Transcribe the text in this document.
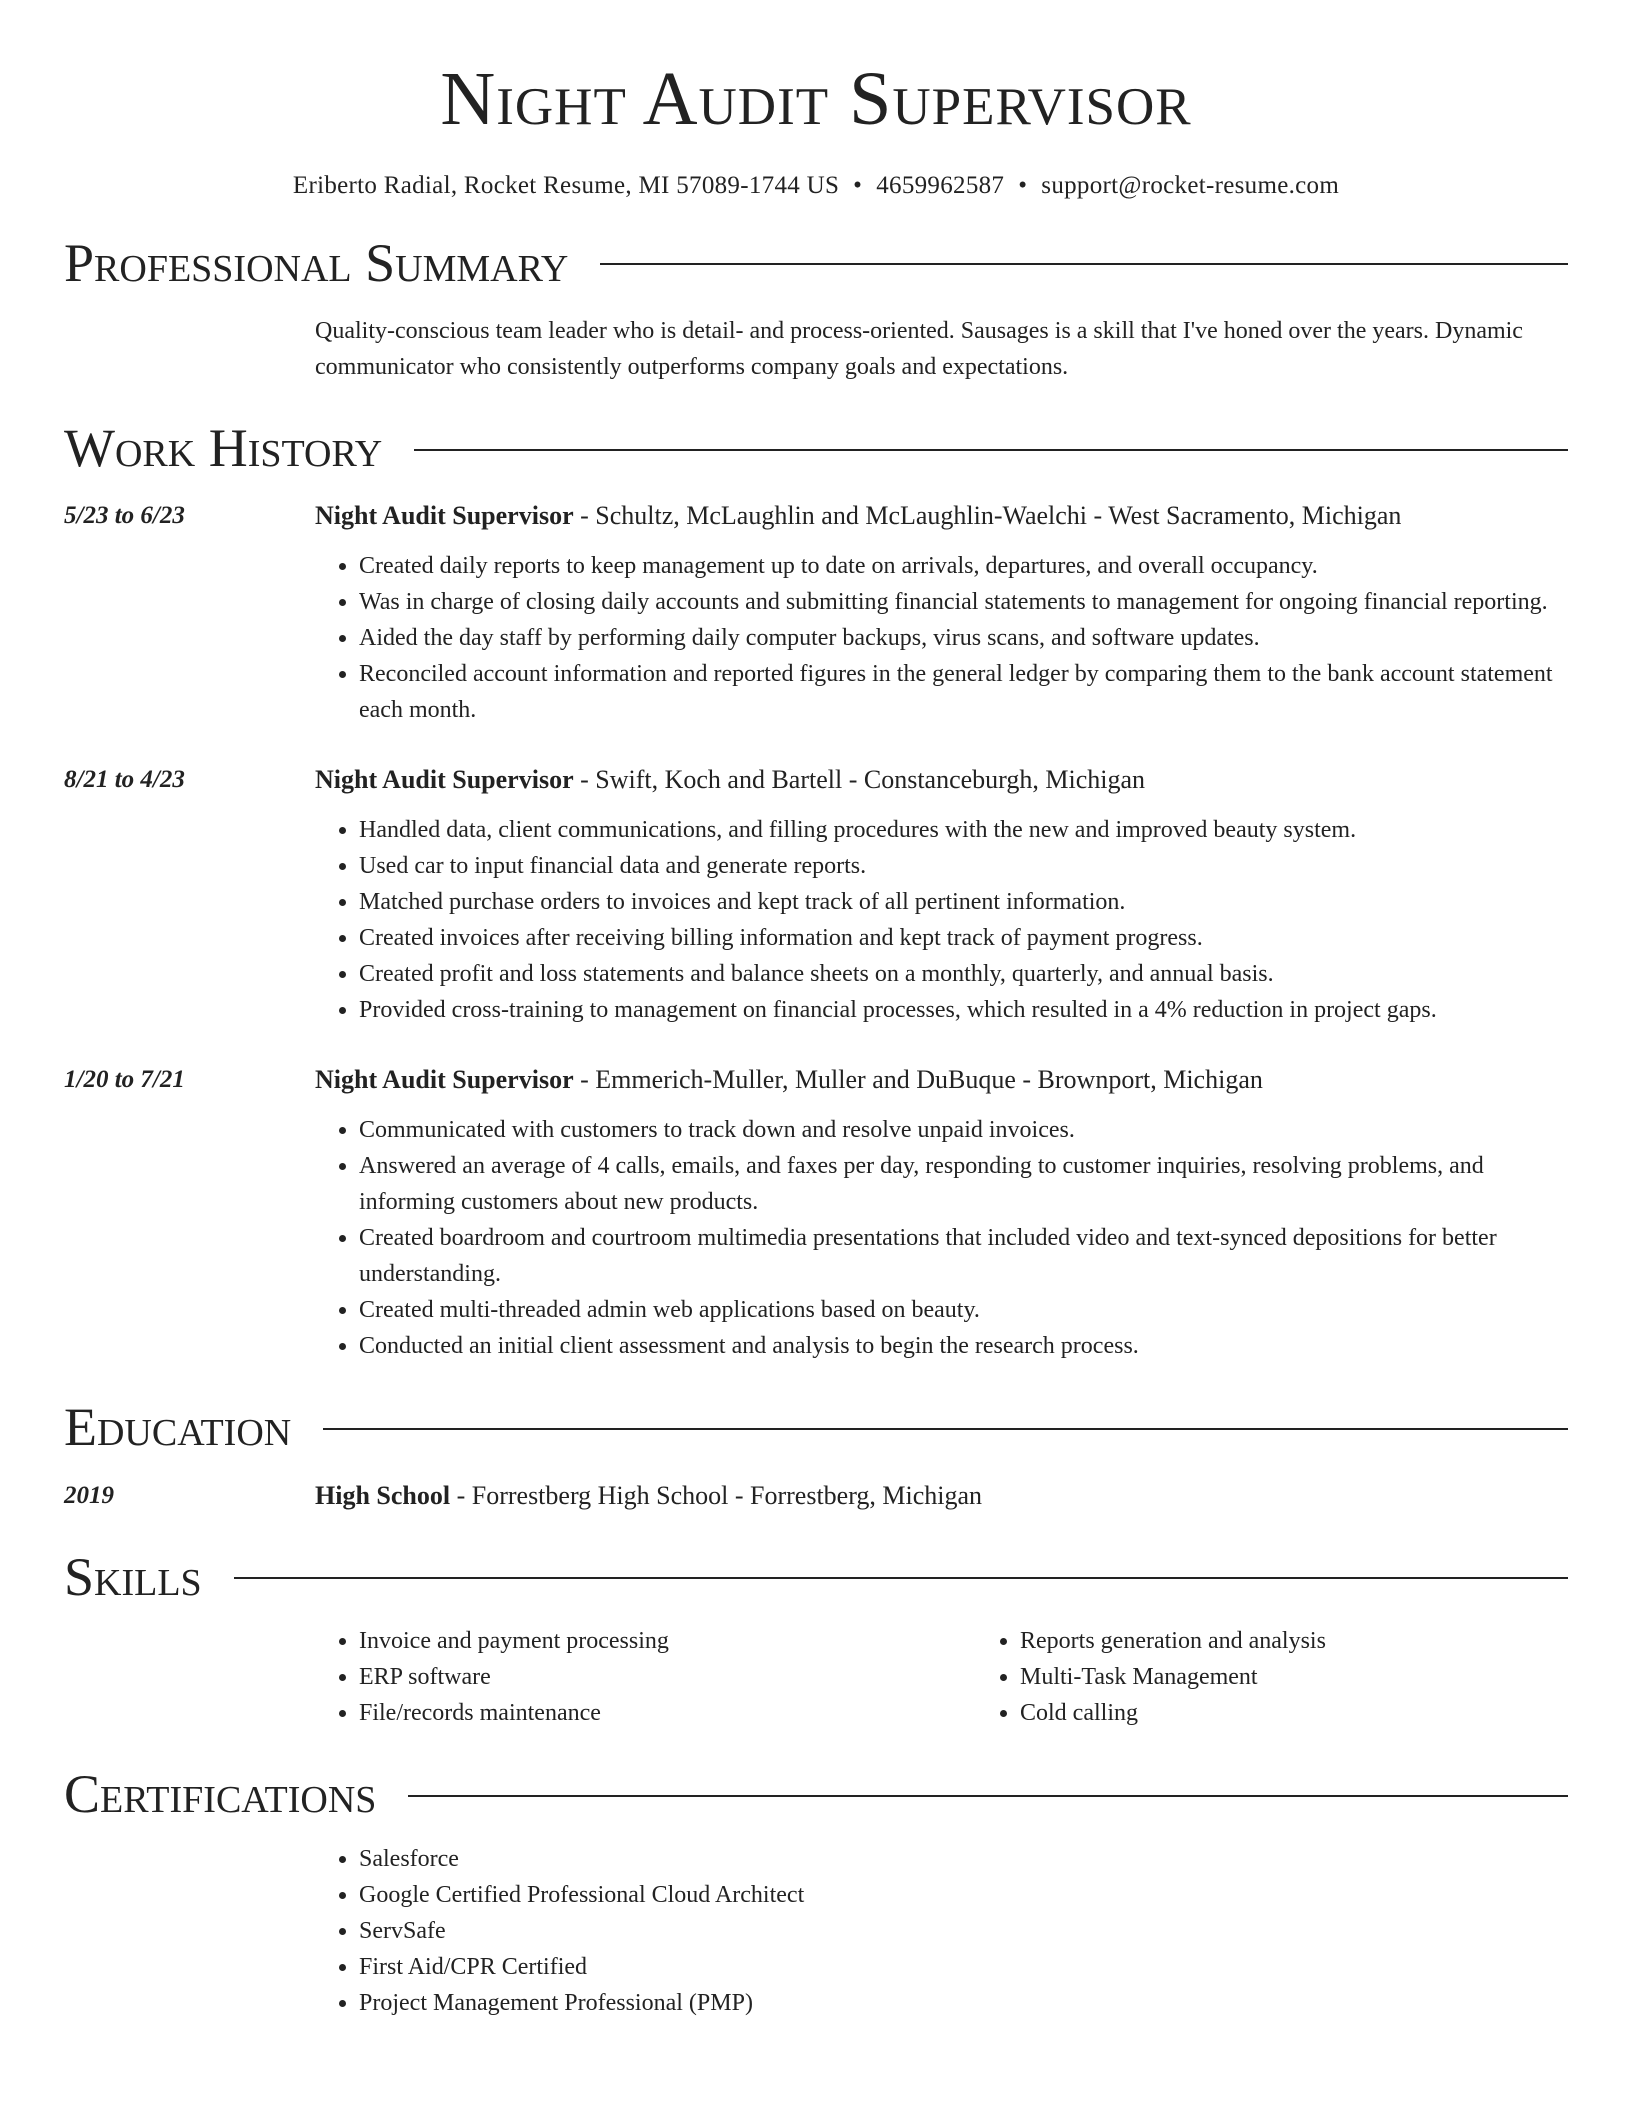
Night Audit Supervisor
Eriberto Radial, Rocket Resume, MI 57089-1744 US • 4659962587 • support@rocket-resume.com
Professional Summary
Quality-conscious team leader who is detail- and process-oriented. Sausages is a skill that I've honed over the years. Dynamic communicator who consistently outperforms company goals and expectations.
Work History
5/23 to 6/23	Night Audit Supervisor - Schultz, McLaughlin and McLaughlin-Waelchi - West Sacramento, Michigan
• Created daily reports to keep management up to date on arrivals, departures, and overall occupancy.
• Was in charge of closing daily accounts and submitting financial statements to management for ongoing financial reporting.
• Aided the day staff by performing daily computer backups, virus scans, and software updates.
• Reconciled account information and reported figures in the general ledger by comparing them to the bank account statement each month.
8/21 to 4/23	Night Audit Supervisor - Swift, Koch and Bartell - Constanceburgh, Michigan
• Handled data, client communications, and filling procedures with the new and improved beauty system.
• Used car to input financial data and generate reports.
• Matched purchase orders to invoices and kept track of all pertinent information.
• Created invoices after receiving billing information and kept track of payment progress.
• Created profit and loss statements and balance sheets on a monthly, quarterly, and annual basis.
• Provided cross-training to management on financial processes, which resulted in a 4% reduction in project gaps.
1/20 to 7/21	Night Audit Supervisor - Emmerich-Muller, Muller and DuBuque - Brownport, Michigan
• Communicated with customers to track down and resolve unpaid invoices.
• Answered an average of 4 calls, emails, and faxes per day, responding to customer inquiries, resolving problems, and informing customers about new products.
• Created boardroom and courtroom multimedia presentations that included video and text-synced depositions for better understanding.
• Created multi-threaded admin web applications based on beauty.
• Conducted an initial client assessment and analysis to begin the research process.
Education
2019	High School - Forrestberg High School - Forrestberg, Michigan
Skills
• Invoice and payment processing
• ERP software
• File/records maintenance
• Reports generation and analysis
• Multi-Task Management
• Cold calling
Certifications
• Salesforce
• Google Certified Professional Cloud Architect
• ServSafe
• First Aid/CPR Certified
• Project Management Professional (PMP)
